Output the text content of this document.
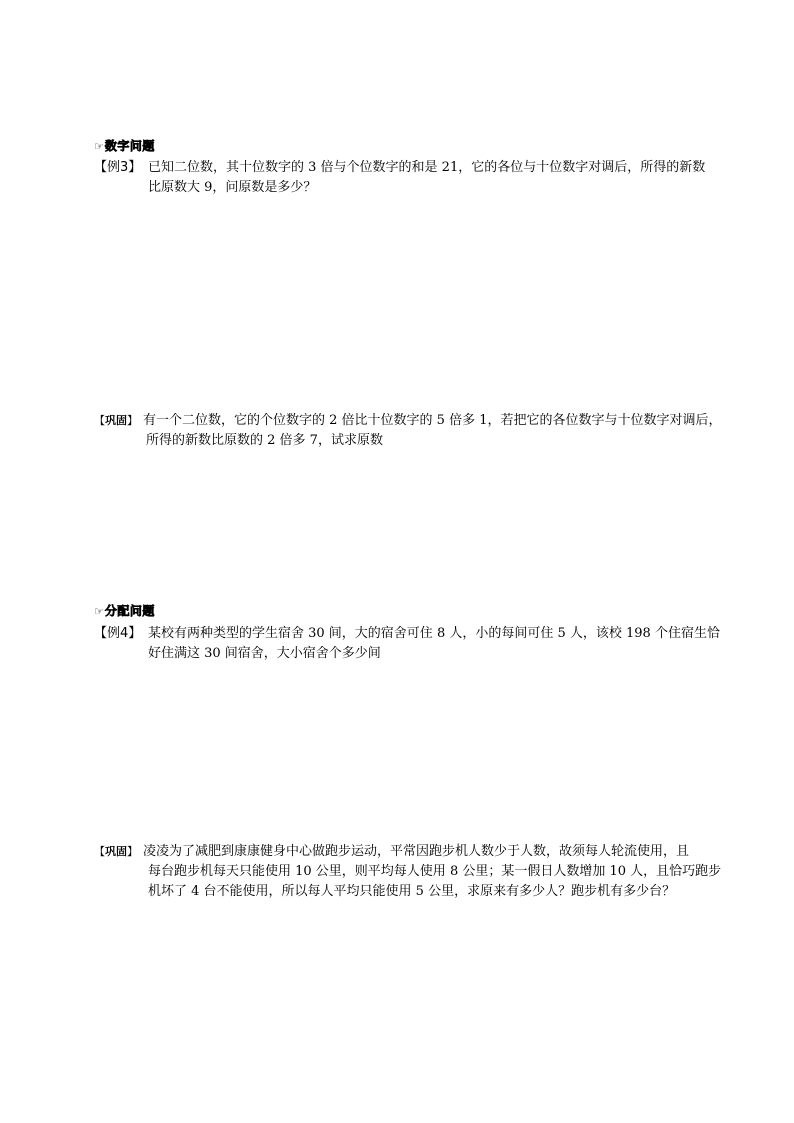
☞数字问题
【例3】 已知二位数，其十位数字的 3 倍与个位数字的和是 21，它的各位与十位数字对调后，所得的新数
比原数大 9，问原数是多少？
【巩固】 有一个二位数，它的个位数字的 2 倍比十位数字的 5 倍多 1，若把它的各位数字与十位数字对调后，
所得的新数比原数的 2 倍多 7，试求原数
☞分配问题
【例4】 某校有两种类型的学生宿舍 30 间，大的宿舍可住 8 人，小的每间可住 5 人，该校 198 个住宿生恰
好住满这 30 间宿舍，大小宿舍个多少间
【巩固】 凌凌为了减肥到康康健身中心做跑步运动，平常因跑步机人数少于人数，故须每人轮流使用，且
每台跑步机每天只能使用 10 公里，则平均每人使用 8 公里；某一假日人数增加 10 人，且恰巧跑步
机坏了 4 台不能使用，所以每人平均只能使用 5 公里，求原来有多少人？跑步机有多少台？
